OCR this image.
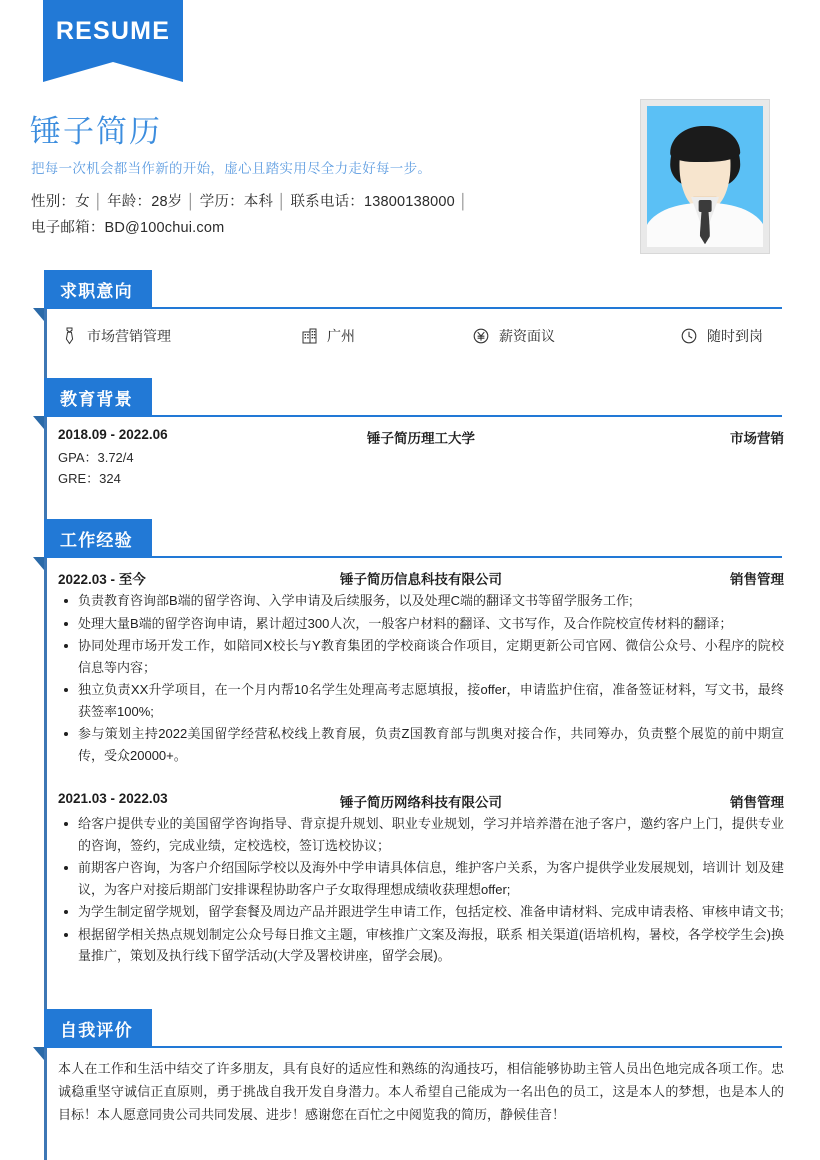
RESUME
锤子简历
把每一次机会都当作新的开始，虚心且踏实用尽全力走好每一步。
性别：女 │ 年龄：28岁 │ 学历：本科 │ 联系电话：13800138000 │
电子邮箱：BD@100chui.com
求职意向
市场营销管理	广州	薪资面议	随时到岗
教育背景
2018.09 - 2022.06	锤子简历理工大学	市场营销
GPA：3.72/4
GRE：324
工作经验
2022.03 - 至今	锤子简历信息科技有限公司	销售管理
负责教育咨询部B端的留学咨询、入学申请及后续服务，以及处理C端的翻译文书等留学服务工作;
处理大量B端的留学咨询申请，累计超过300人次，一般客户材料的翻译、文书写作，及合作院校宣传材料的翻译；
协同处理市场开发工作，如陪同X校长与Y教育集团的学校商谈合作项目，定期更新公司官网、微信公众号、小程序的院校信息等内容；
独立负责XX升学项目，在一个月内帮10名学生处理高考志愿填报，接offer，申请监护住宿，准备签证材料，写文书，最终获签率100%;
参与策划主持2022美国留学经营私校线上教育展，负责Z国教育部与凯奥对接合作，共同筹办，负责整个展览的前中期宣传，受众20000+。
2021.03 - 2022.03	锤子简历网络科技有限公司	销售管理
给客户提供专业的美国留学咨询指导、背京提升规划、职业专业规划，学习并培养潜在池子客户，邀约客户上门，提供专业的咨询，签约，完成业绩，定校选校，签订选校协议；
前期客户咨询，为客户介绍国际学校以及海外中学申请具体信息，维护客户关系，为客户提供学业发展规划，培训计 划及建议，为客户对接后期部门安排课程协助客户子女取得理想成绩收获理想offer;
为学生制定留学规划，留学套餐及周边产品并跟进学生申请工作，包括定校、准备申请材料、完成申请表格、审核申请文书;
根据留学相关热点规划制定公众号每日推文主题，审核推广文案及海报，联系 相关渠道(语培机构，暑校，各学校学生会)换量推广，策划及执行线下留学活动(大学及署校讲座，留学会展)。
自我评价
本人在工作和生活中结交了许多朋友，具有良好的适应性和熟练的沟通技巧，相信能够协助主管人员出色地完成各项工作。忠诚稳重坚守诚信正直原则，勇于挑战自我开发自身潜力。本人希望自己能成为一名出色的员工，这是本人的梦想，也是本人的目标！本人愿意同贵公司共同发展、进步！感谢您在百忙之中阅览我的简历，静候佳音！
